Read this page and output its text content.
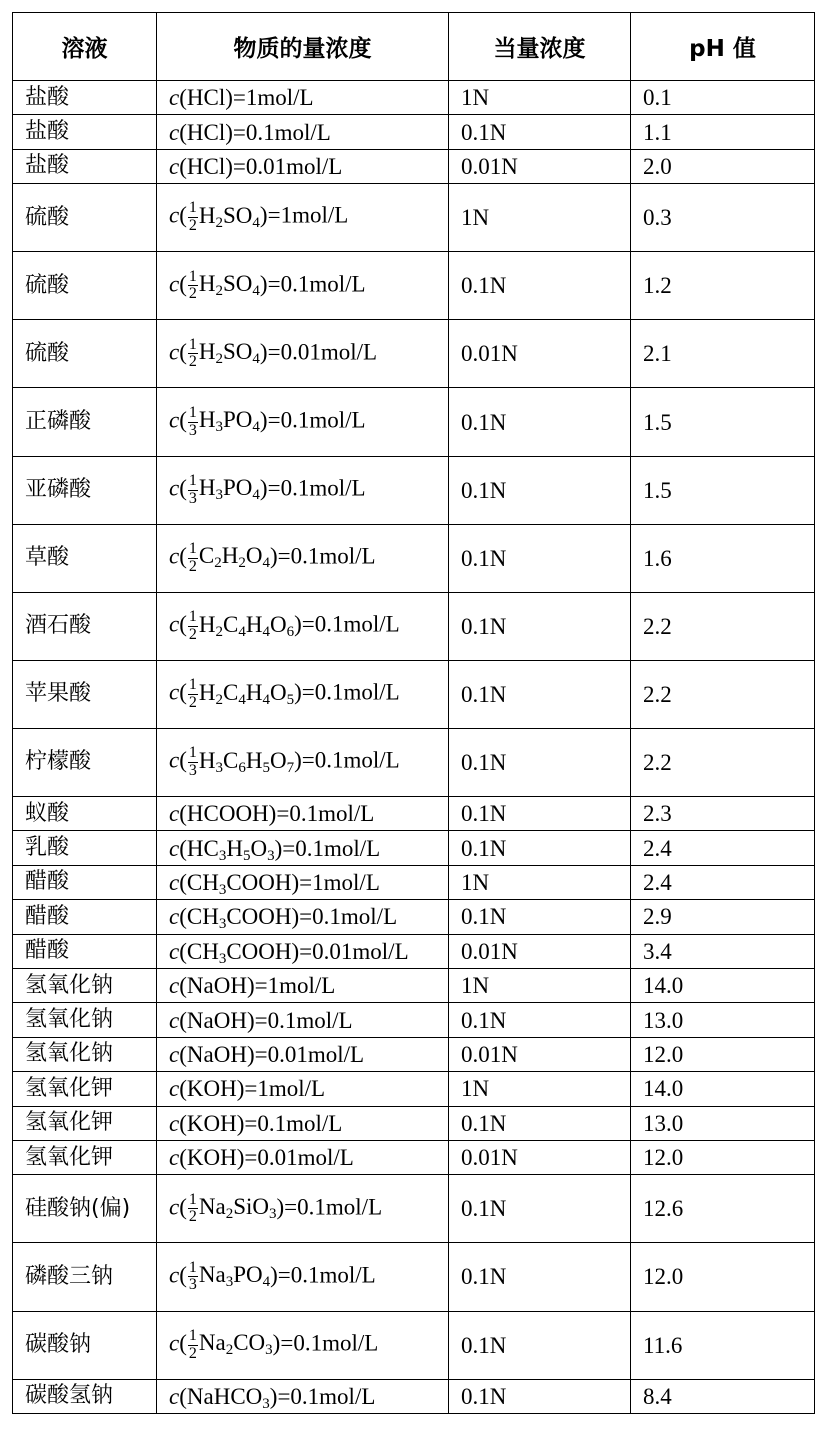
溶液	物质的量浓度	当量浓度	pH 值
盐酸	c(HCl)=1mol/L	1N	0.1
盐酸	c(HCl)=0.1mol/L	0.1N	1.1
盐酸	c(HCl)=0.01mol/L	0.01N	2.0
硫酸	$c( \frac{1}{2} H_2SO_4)=1mol/L$	1N	0.3
硫酸	$c( \frac{1}{2} H_2SO_4)=0.1mol/L$	0.1N	1.2
硫酸	$c( \frac{1}{2} H_2SO_4)=0.01mol/L$	0.01N	2.1
正磷酸	$c( \frac{1}{3} H_3PO_4)=0.1mol/L$	0.1N	1.5
亚磷酸	$c( \frac{1}{3} H_3PO_4)=0.1mol/L$	0.1N	1.5
草酸	$c( \frac{1}{2} C_2H_2O_4)=0.1mol/L$	0.1N	1.6
酒石酸	$c( \frac{1}{2} H_2C_4H_4O_6)=0.1mol/L$	0.1N	2.2
苹果酸	$c( \frac{1}{2} H_2C_4H_4O_5)=0.1mol/L$	0.1N	2.2
柠檬酸	$c( \frac{1}{3} H_3C_6H_5O_7)=0.1mol/L$	0.1N	2.2
蚁酸	c(HCOOH)=0.1mol/L	0.1N	2.3
乳酸	$c(HC_3H_5O_3)=0.1mol/L$	0.1N	2.4
醋酸	$c(CH_3COOH)=1mol/L$	1N	2.4
醋酸	$c(CH_3COOH)=0.1mol/L$	0.1N	2.9
醋酸	$c(CH_3COOH)=0.01mol/L$	0.01N	3.4
氢氧化钠	c(NaOH)=1mol/L	1N	14.0
氢氧化钠	c(NaOH)=0.1mol/L	0.1N	13.0
氢氧化钠	c(NaOH)=0.01mol/L	0.01N	12.0
氢氧化钾	c(KOH)=1mol/L	1N	14.0
氢氧化钾	c(KOH)=0.1mol/L	0.1N	13.0
氢氧化钾	c(KOH)=0.01mol/L	0.01N	12.0
硅酸钠(偏)	$c( \frac{1}{2} Na_2SiO_3)=0.1mol/L$	0.1N	12.6
磷酸三钠	$c( \frac{1}{3} Na_3PO_4)=0.1mol/L$	0.1N	12.0
碳酸钠	$c( \frac{1}{2} Na_2CO_3)=0.1mol/L$	0.1N	11.6
碳酸氢钠	c(NaHCO$_3$)=0.1mol/L	0.1N	8.4
